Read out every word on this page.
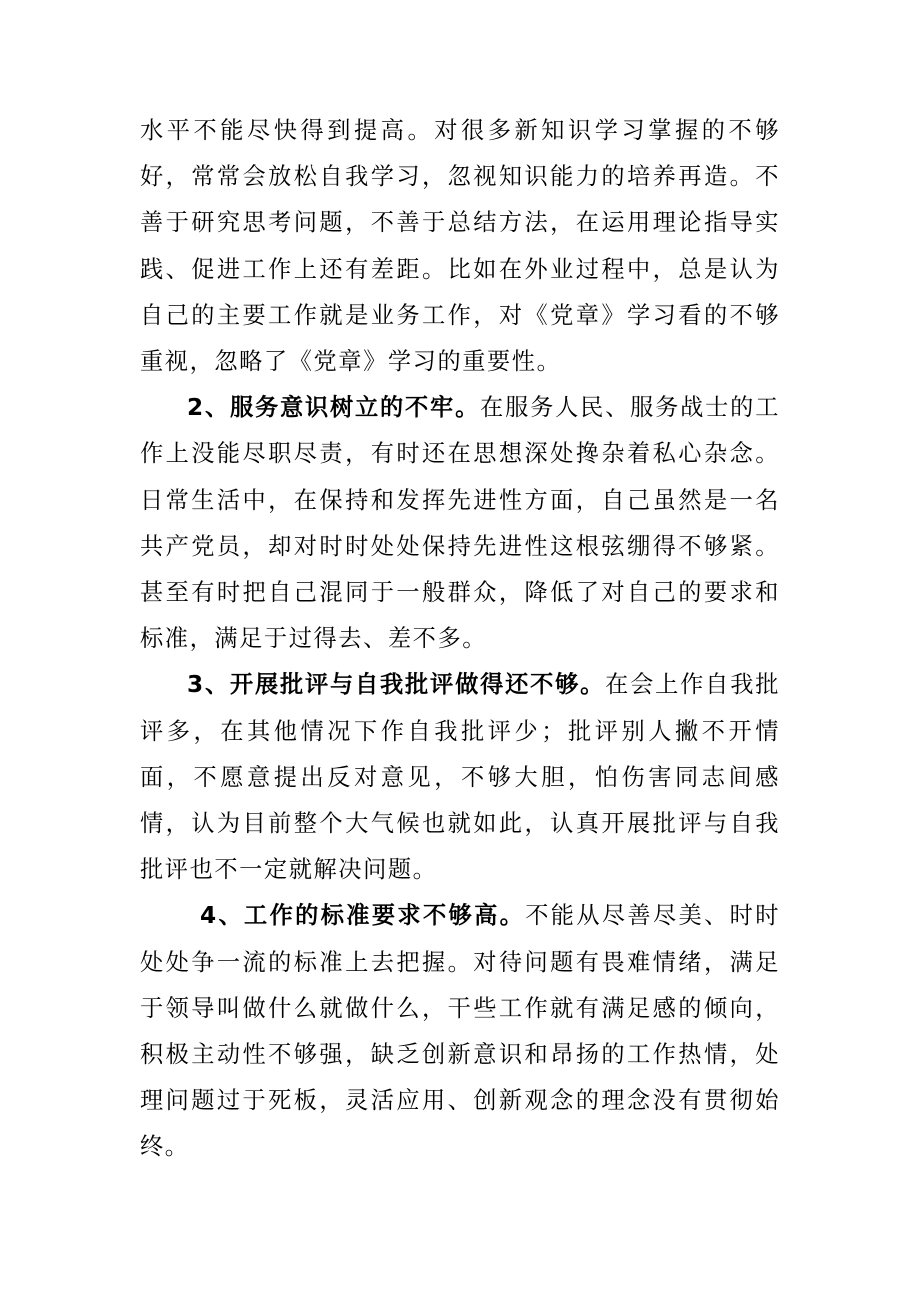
水平不能尽快得到提高。对很多新知识学习掌握的不够好，常常会放松自我学习，忽视知识能力的培养再造。不善于研究思考问题，不善于总结方法，在运用理论指导实践、促进工作上还有差距。比如在外业过程中，总是认为自己的主要工作就是业务工作，对《党章》学习看的不够重视，忽略了《党章》学习的重要性。

2、服务意识树立的不牢。在服务人民、服务战士的工作上没能尽职尽责，有时还在思想深处搀杂着私心杂念。日常生活中，在保持和发挥先进性方面，自己虽然是一名共产党员，却对时时处处保持先进性这根弦绷得不够紧。甚至有时把自己混同于一般群众，降低了对自己的要求和标准，满足于过得去、差不多。

3、开展批评与自我批评做得还不够。在会上作自我批评多，在其他情况下作自我批评少；批评别人撇不开情面，不愿意提出反对意见，不够大胆，怕伤害同志间感情，认为目前整个大气候也就如此，认真开展批评与自我批评也不一定就解决问题。

4、工作的标准要求不够高。不能从尽善尽美、时时处处争一流的标准上去把握。对待问题有畏难情绪，满足于领导叫做什么就做什么，干些工作就有满足感的倾向，积极主动性不够强，缺乏创新意识和昂扬的工作热情，处理问题过于死板，灵活应用、创新观念的理念没有贯彻始终。
